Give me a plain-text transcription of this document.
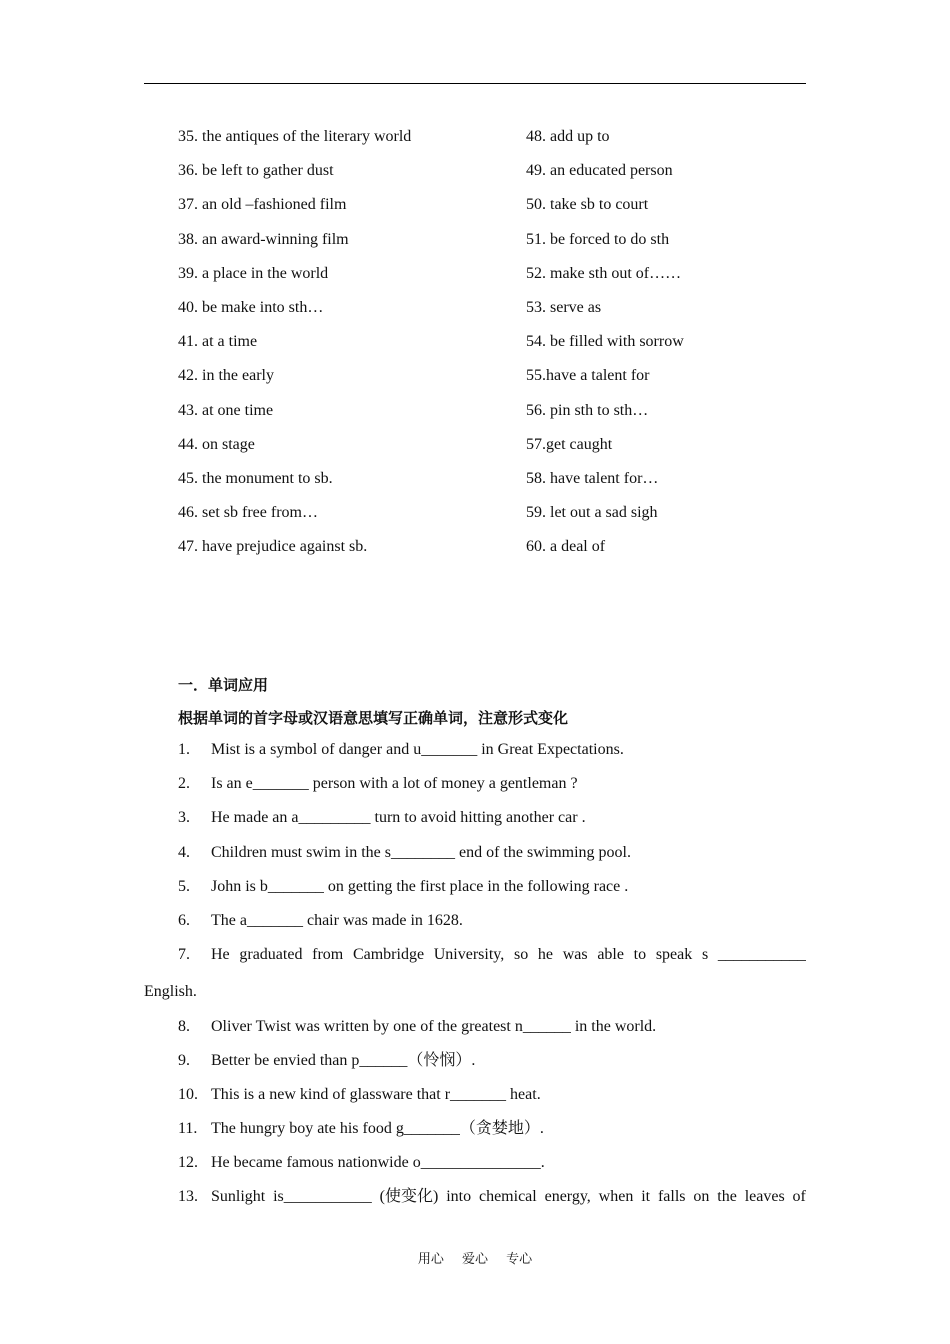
35. the antiques of the literary world
36. be left to gather dust
37. an old –fashioned film
38. an award-winning film
39. a place in the world
40. be make into sth…
41. at a time
42. in the early
43. at one time
44. on stage
45. the monument to sb.
46. set sb free from…
47. have prejudice against sb.
48. add up to
49. an educated person
50. take sb to court
51. be forced to do sth
52. make sth out of……
53. serve as
54. be filled with sorrow
55.have a talent for
56. pin sth to sth…
57.get caught
58. have talent for…
59. let out a sad sigh
60. a deal of
一．单词应用
根据单词的首字母或汉语意思填写正确单词，注意形式变化
1. Mist is a symbol of danger and u_______ in Great Expectations.
2. Is an e_______ person with a lot of money a gentleman ?
3. He made an a_________ turn to avoid hitting another car .
4. Children must swim in the s________ end of the swimming pool.
5. John is b_______ on getting the first place in the following race .
6. The a_______ chair was made in 1628.
7. He graduated from Cambridge University, so he was able to speak s ___________
English.
8. Oliver Twist was written by one of the greatest n______ in the world.
9. Better be envied than p______（怜悯）.
10. This is a new kind of glassware that r_______ heat.
11. The hungry boy ate his food g_______（贪婪地）.
12. He became famous nationwide o_______________.
13. Sunlight is___________ (使变化) into chemical energy, when it falls on the leaves of
用心 爱心 专心
